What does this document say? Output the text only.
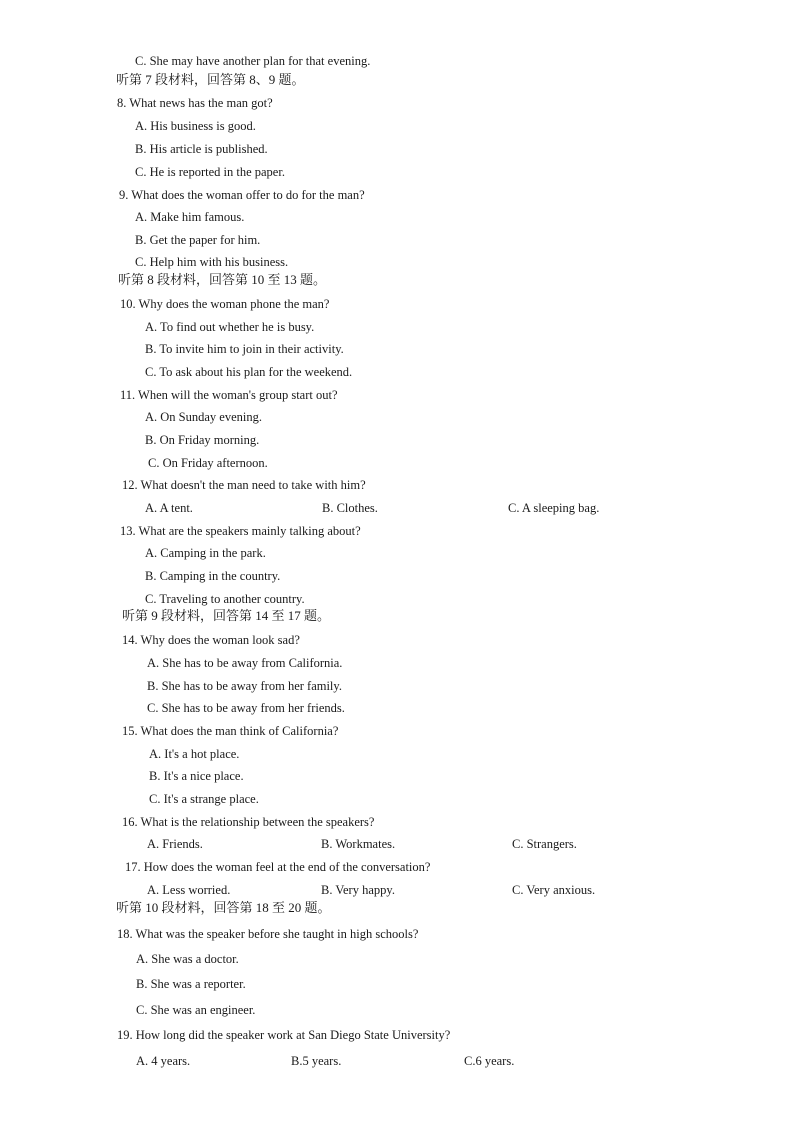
C. She may have another plan for that evening.
听第 7 段材料，回答第 8、9 题。
8. What news has the man got?
A. His business is good.
B. His article is published.
C. He is reported in the paper.
9. What does the woman offer to do for the man?
A. Make him famous.
B. Get the paper for him.
C. Help him with his business.
听第 8 段材料，回答第 10 至 13 题。
10. Why does the woman phone the man?
A. To find out whether he is busy.
B. To invite him to join in their activity.
C. To ask about his plan for the weekend.
11. When will the woman's group start out?
A. On Sunday evening.
B. On Friday morning.
C. On Friday afternoon.
12. What doesn't the man need to take with him?
A. A tent.	B. Clothes.	C. A sleeping bag.
13. What are the speakers mainly talking about?
A. Camping in the park.
B. Camping in the country.
C. Traveling to another country.
听第 9 段材料，回答第 14 至 17 题。
14. Why does the woman look sad?
A. She has to be away from California.
B. She has to be away from her family.
C. She has to be away from her friends.
15. What does the man think of California?
A. It's a hot place.
B. It's a nice place.
C. It's a strange place.
16. What is the relationship between the speakers?
A. Friends.	B. Workmates.	C. Strangers.
17. How does the woman feel at the end of the conversation?
A. Less worried.	B. Very happy.	C. Very anxious.
听第 10 段材料，回答第 18 至 20 题。
18. What was the speaker before she taught in high schools?
A. She was a doctor.
B. She was a reporter.
C. She was an engineer.
19. How long did the speaker work at San Diego State University?
A. 4 years.	B.5 years.	C.6 years.
